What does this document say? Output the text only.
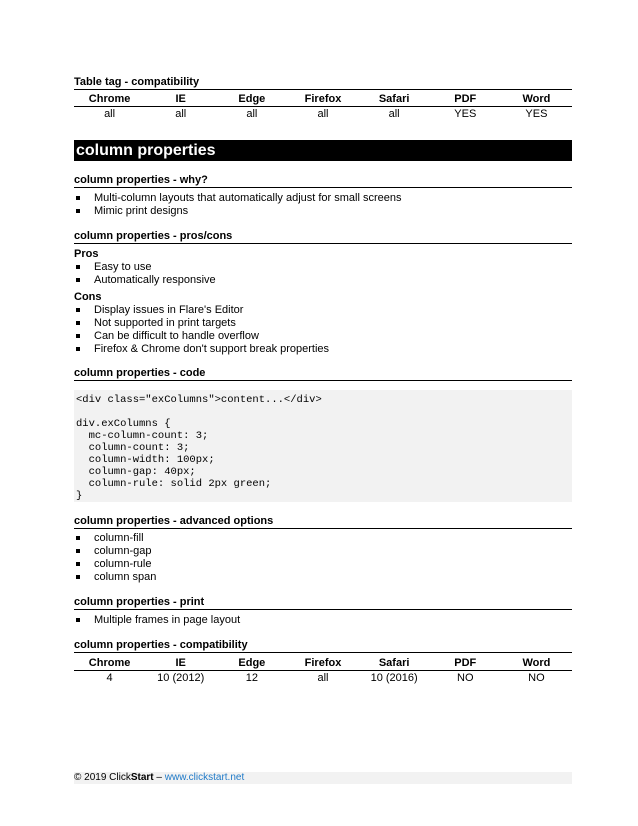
Table tag - compatibility
Chrome	IE	Edge	Firefox	Safari	PDF	Word
all	all	all	all	all	YES	YES
column properties
column properties - why?
Multi-column layouts that automatically adjust for small screens
Mimic print designs
column properties - pros/cons
Pros
Easy to use
Automatically responsive
Cons
Display issues in Flare's Editor
Not supported in print targets
Can be difficult to handle overflow
Firefox & Chrome don't support break properties
column properties - code
<div class="exColumns">content...</div>

div.exColumns {
mc-column-count: 3;
column-count: 3;
column-width: 100px;
column-gap: 40px;
column-rule: solid 2px green;
}
column properties - advanced options
column-fill
column-gap
column-rule
column span
column properties - print
Multiple frames in page layout
column properties - compatibility
Chrome	IE	Edge	Firefox	Safari	PDF	Word
4	10 (2012)	12	all	10 (2016)	NO	NO
© 2019 ClickStart – www.clickstart.net
